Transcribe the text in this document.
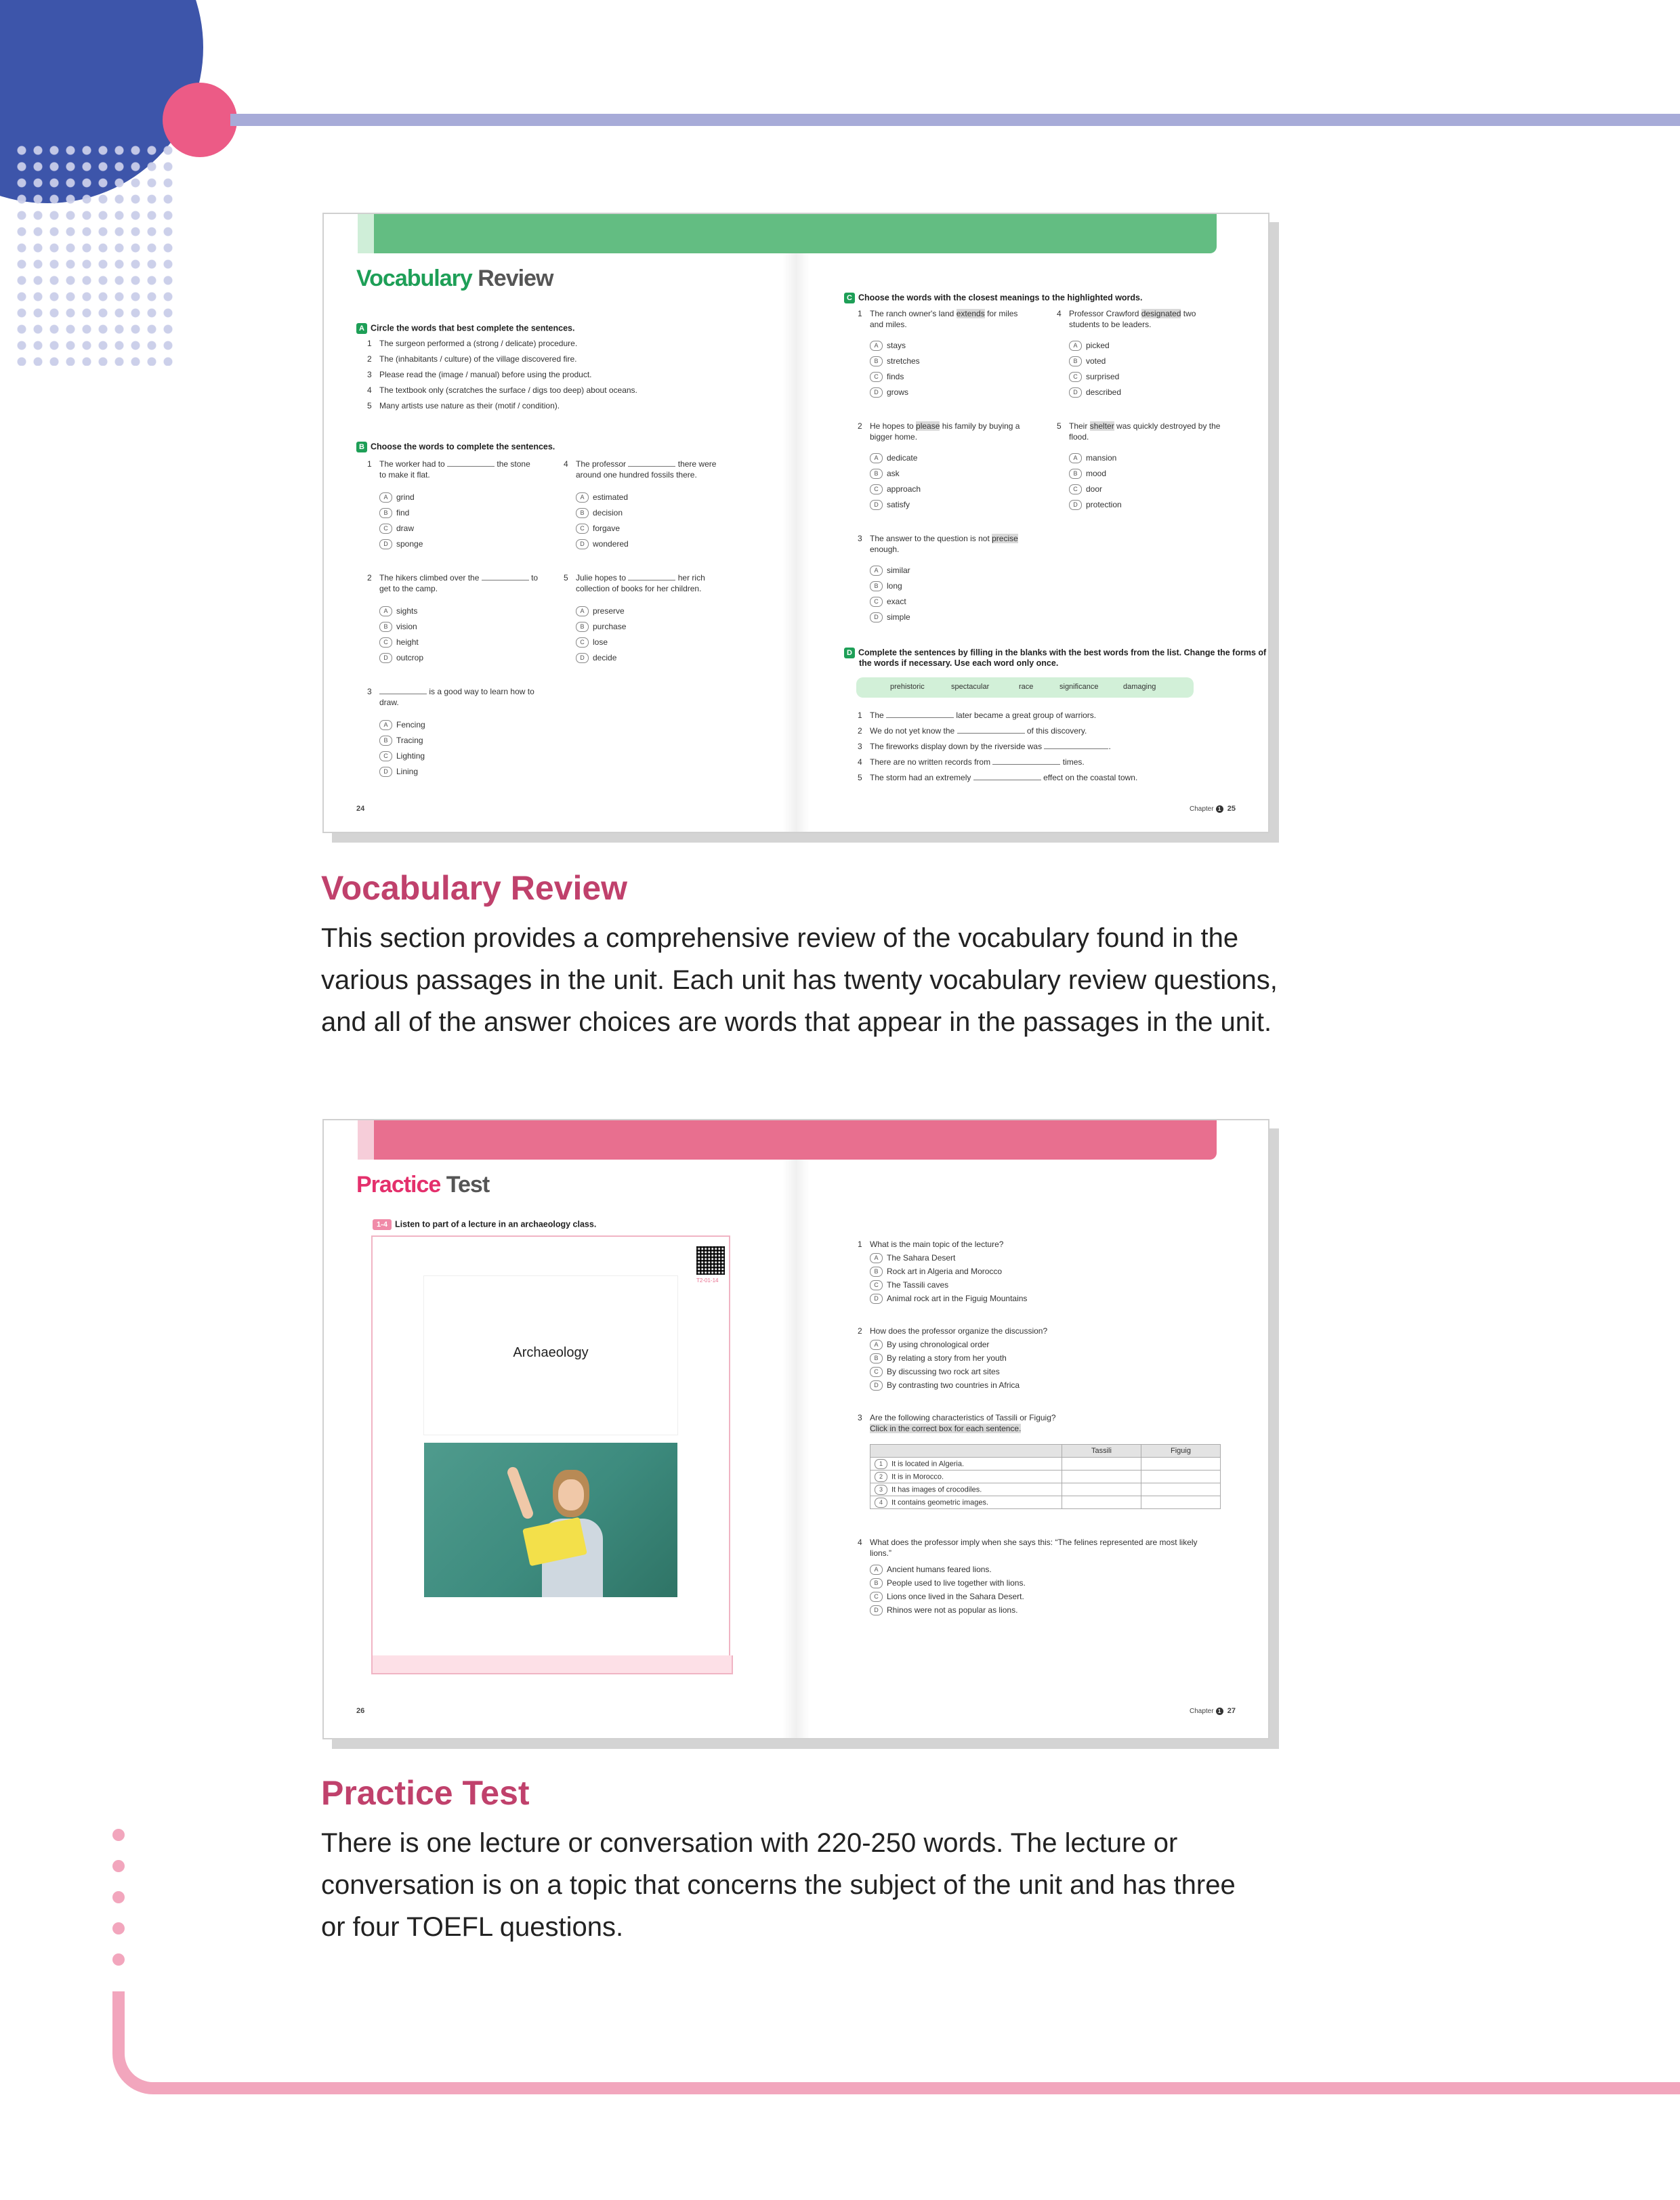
Vocabulary Review
A Circle the words that best complete the sentences.
1 The surgeon performed a (strong / delicate) procedure.
2 The (inhabitants / culture) of the village discovered fire.
3 Please read the (image / manual) before using the product.
4 The textbook only (scratches the surface / digs too deep) about oceans.
5 Many artists use nature as their (motif / condition).
B Choose the words to complete the sentences.
1 The worker had to	the stone
to make it flat.
A grind
B find
C draw
D sponge
2 The hikers climbed over the	to
get to the camp.
A sights
B vision
C height
D outcrop
3	is a good way to learn how to
draw.
A Fencing
B Tracing
C Lighting
D Lining
4 The professor	there were
around one hundred fossils there.
A estimated
B decision
C forgave
D wondered
5 Julie hopes to	her rich
collection of books for her children.
A preserve
B purchase
C lose
D decide
24
C Choose the words with the closest meanings to the highlighted words.
1 The ranch owner's land extends for miles
and miles.
A stays
B stretches
C finds
D grows
2 He hopes to please his family by buying a
bigger home.
A dedicate
B ask
C approach
D satisfy
3 The answer to the question is not precise
enough.
A similar
B long
C exact
D simple
4 Professor Crawford designated two
students to be leaders.
A picked
B voted
C surprised
D described
5 Their shelter was quickly destroyed by the
flood.
A mansion
B mood
C door
D protection
D Complete the sentences by filling in the blanks with the best words from the list. Change the forms of
the words if necessary. Use each word only once.
prehistoric	spectacular	race	significance	damaging
1 The	later became a great group of warriors.
2 We do not yet know the	of this discovery.
3 The fireworks display down by the riverside was	.
4 There are no written records from	times.
5 The storm had an extremely	effect on the coastal town.
Chapter 1 25
Vocabulary Review
This section provides a comprehensive review of the vocabulary found in the
various passages in the unit. Each unit has twenty vocabulary review questions,
and all of the answer choices are words that appear in the passages in the unit.
Practice Test
1-4 Listen to part of a lecture in an archaeology class.
T2-01-14
Archaeology
1 What is the main topic of the lecture?
A The Sahara Desert
B Rock art in Algeria and Morocco
C The Tassili caves
D Animal rock art in the Figuig Mountains
2 How does the professor organize the discussion?
A By using chronological order
B By relating a story from her youth
C By discussing two rock art sites
D By contrasting two countries in Africa
3 Are the following characteristics of Tassili or Figuig?
Click in the correct box for each sentence.
	Tassili	Figuig
1 It is located in Algeria.		
2 It is in Morocco.		
3 It has images of crocodiles.		
4 It contains geometric images.		
4 What does the professor imply when she says this: “The felines represented are most likely
lions.”
A Ancient humans feared lions.
B People used to live together with lions.
C Lions once lived in the Sahara Desert.
D Rhinos were not as popular as lions.
26	Chapter 1 27
Practice Test
There is one lecture or conversation with 220-250 words. The lecture or
conversation is on a topic that concerns the subject of the unit and has three
or four TOEFL questions.
